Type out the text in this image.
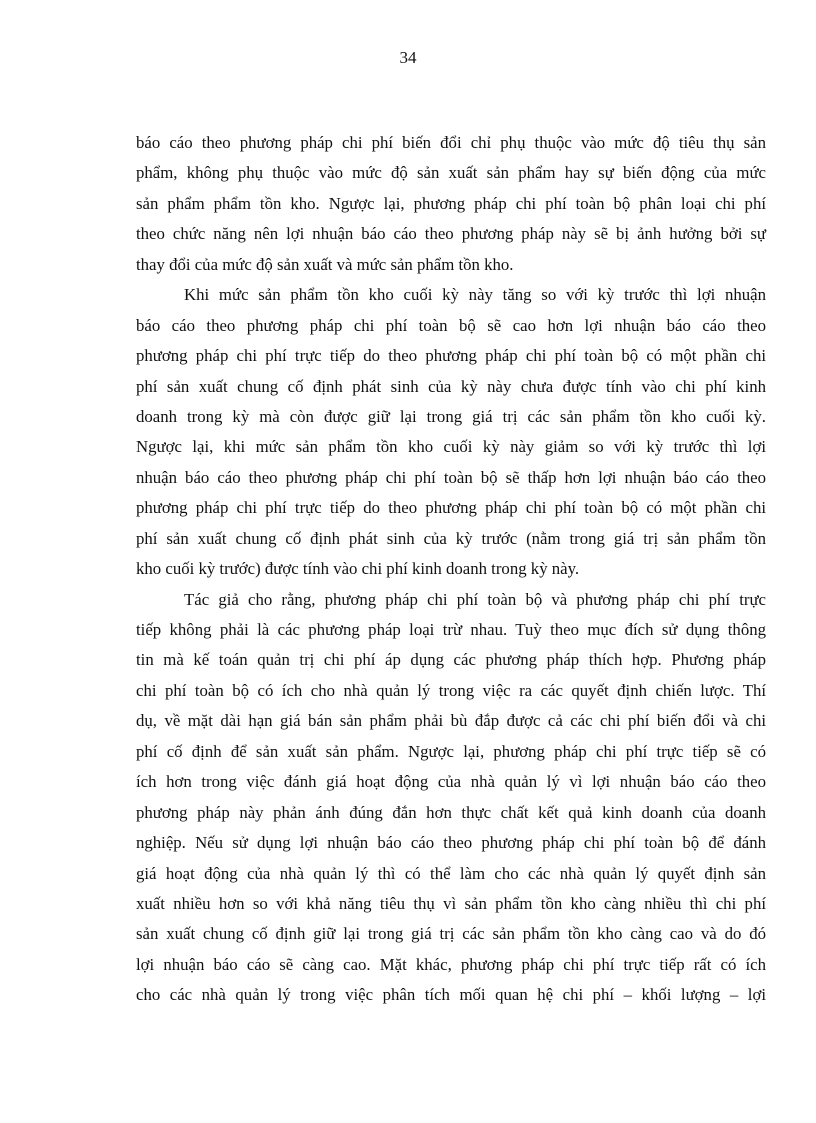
34
báo cáo theo phương pháp chi phí biến đổi chỉ phụ thuộc vào mức độ tiêu thụ sản
phẩm, không phụ thuộc vào mức độ sản xuất sản phẩm hay sự biến động của mức
sản phẩm phẩm tồn kho. Ngược lại, phương pháp chi phí toàn bộ phân loại chi phí
theo chức năng nên lợi nhuận báo cáo theo phương pháp này sẽ bị ảnh hưởng bởi sự
thay đổi của mức độ sản xuất và mức sản phẩm tồn kho.
Khi mức sản phẩm tồn kho cuối kỳ này tăng so với kỳ trước thì lợi nhuận
báo cáo theo phương pháp chi phí toàn bộ sẽ cao hơn lợi nhuận báo cáo theo
phương pháp chi phí trực tiếp do theo phương pháp chi phí toàn bộ có một phần chi
phí sản xuất chung cố định phát sinh của kỳ này chưa được tính vào chi phí kinh
doanh trong kỳ mà còn được giữ lại trong giá trị các sản phẩm tồn kho cuối kỳ.
Ngược lại, khi mức sản phẩm tồn kho cuối kỳ này giảm so với kỳ trước thì lợi
nhuận báo cáo theo phương pháp chi phí toàn bộ sẽ thấp hơn lợi nhuận báo cáo theo
phương pháp chi phí trực tiếp do theo phương pháp chi phí toàn bộ có một phần chi
phí sản xuất chung cố định phát sinh của kỳ trước (nằm trong giá trị sản phẩm tồn
kho cuối kỳ trước) được tính vào chi phí kinh doanh trong kỳ này.
Tác giả cho rằng, phương pháp chi phí toàn bộ và phương pháp chi phí trực
tiếp không phải là các phương pháp loại trừ nhau. Tuỳ theo mục đích sử dụng thông
tin mà kế toán quản trị chi phí áp dụng các phương pháp thích hợp. Phương pháp
chi phí toàn bộ có ích cho nhà quản lý trong việc ra các quyết định chiến lược. Thí
dụ, về mặt dài hạn giá bán sản phẩm phải bù đắp được cả các chi phí biến đổi và chi
phí cố định để sản xuất sản phẩm. Ngược lại, phương pháp chi phí trực tiếp sẽ có
ích hơn trong việc đánh giá hoạt động của nhà quản lý vì lợi nhuận báo cáo theo
phương pháp này phản ánh đúng đắn hơn thực chất kết quả kinh doanh của doanh
nghiệp. Nếu sử dụng lợi nhuận báo cáo theo phương pháp chi phí toàn bộ để đánh
giá hoạt động của nhà quản lý thì có thể làm cho các nhà quản lý quyết định sản
xuất nhiều hơn so với khả năng tiêu thụ vì sản phẩm tồn kho càng nhiều thì chi phí
sản xuất chung cố định giữ lại trong giá trị các sản phẩm tồn kho càng cao và do đó
lợi nhuận báo cáo sẽ càng cao. Mặt khác, phương pháp chi phí trực tiếp rất có ích
cho các nhà quản lý trong việc phân tích mối quan hệ chi phí – khối lượng – lợi
